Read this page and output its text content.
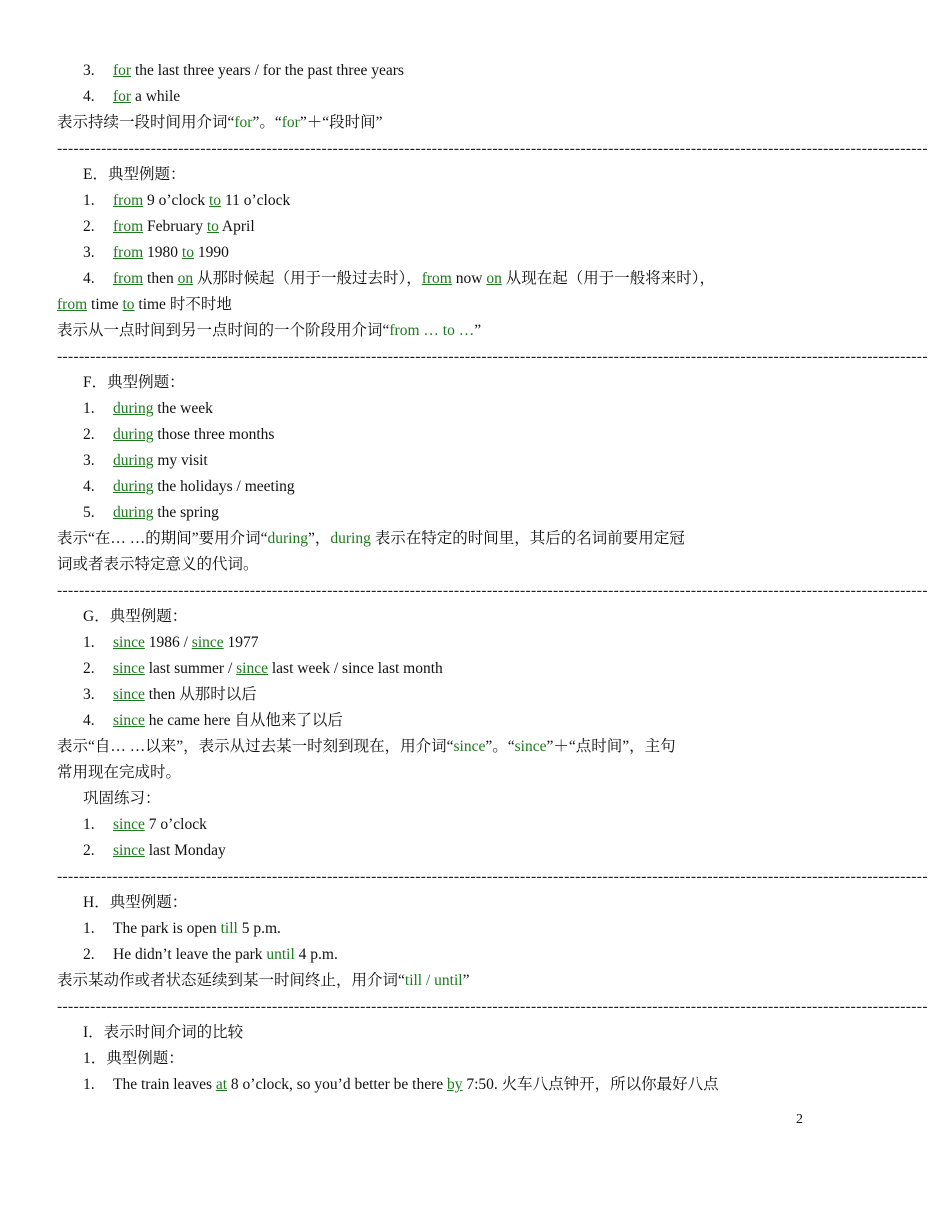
3. for the last three years / for the past three years
4. for a while
表示持续一段时间用介词“for”。“for”＋“段时间”
--------------------------------------------------------------------------------------------------------------------------------------------------------------
E．典型例题：
1. from 9 o’clock to 11 o’clock
2. from February to April
3. from 1980 to 1990
4. from then on 从那时候起（用于一般过去时），from now on 从现在起（用于一般将来时），
from time to time 时不时地
表示从一点时间到另一点时间的一个阶段用介词“from … to …”
--------------------------------------------------------------------------------------------------------------------------------------------------------------
F．典型例题：
1. during the week
2. during those three months
3. during my visit
4. during the holidays / meeting
5. during the spring
表示“在… …的期间”要用介词“during”，during 表示在特定的时间里，其后的名词前要用定冠
词或者表示特定意义的代词。
--------------------------------------------------------------------------------------------------------------------------------------------------------------
G．典型例题：
1. since 1986 / since 1977
2. since last summer / since last week / since last month
3. since then 从那时以后
4. since he came here 自从他来了以后
表示“自… …以来”，表示从过去某一时刻到现在，用介词“since”。“since”＋“点时间”，主句
常用现在完成时。
巩固练习：
1. since 7 o’clock
2. since last Monday
--------------------------------------------------------------------------------------------------------------------------------------------------------------
H．典型例题：
1. The park is open till 5 p.m.
2. He didn’t leave the park until 4 p.m.
表示某动作或者状态延续到某一时间终止，用介词“till / until”
--------------------------------------------------------------------------------------------------------------------------------------------------------------
I．表示时间介词的比较
1．典型例题：
1. The train leaves at 8 o’clock, so you’d better be there by 7:50. 火车八点钟开，所以你最好八点
2
